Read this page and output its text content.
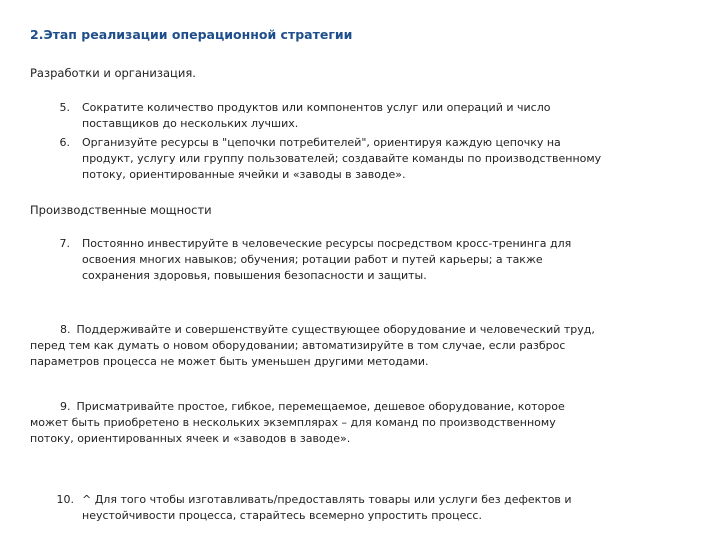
2.Этап реализации операционной стратегии
Разработки и организация.
5. Сократите количество продуктов или компонентов услуг или операций и число
поставщиков до нескольких лучших.
6. Организуйте ресурсы в "цепочки потребителей", ориентируя каждую цепочку на
продукт, услугу или группу пользователей; создавайте команды по производственному
потоку, ориентированные ячейки и «заводы в заводе».
Производственные мощности
7. Постоянно инвестируйте в человеческие ресурсы посредством кросс-тренинга для
освоения многих навыков; обучения; ротации работ и путей карьеры; а также
сохранения здоровья, повышения безопасности и защиты.
8. Поддерживайте и совершенствуйте существующее оборудование и человеческий труд,
перед тем как думать о новом оборудовании; автоматизируйте в том случае, если разброс
параметров процесса не может быть уменьшен другими методами.
9. Присматривайте простое, гибкое, перемещаемое, дешевое оборудование, которое
может быть приобретено в нескольких экземплярах – для команд по производственному
потоку, ориентированных ячеек и «заводов в заводе».
10. ^ Для того чтобы изготавливать/предоставлять товары или услуги без дефектов и
неустойчивости процесса, старайтесь всемерно упростить процесс.
